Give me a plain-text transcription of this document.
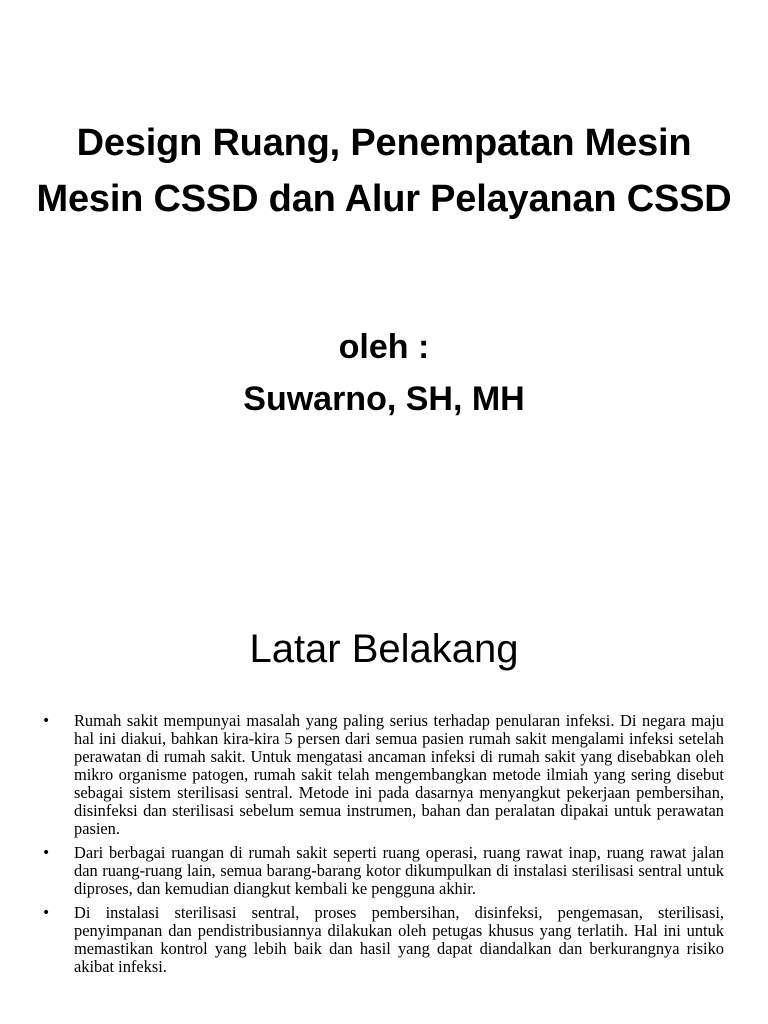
Design Ruang, Penempatan Mesin
Mesin CSSD dan Alur Pelayanan CSSD
oleh :
Suwarno, SH, MH
Latar Belakang
• Rumah sakit mempunyai masalah yang paling serius terhadap penularan infeksi. Di negara maju hal ini diakui, bahkan kira-kira 5 persen dari semua pasien rumah sakit mengalami infeksi setelah perawatan di rumah sakit. Untuk mengatasi ancaman infeksi di rumah sakit yang disebabkan oleh mikro organisme patogen, rumah sakit telah mengembangkan metode ilmiah yang sering disebut sebagai sistem sterilisasi sentral. Metode ini pada dasarnya menyangkut pekerjaan pembersihan, disinfeksi dan sterilisasi sebelum semua instrumen, bahan dan peralatan dipakai untuk perawatan pasien.
• Dari berbagai ruangan di rumah sakit seperti ruang operasi, ruang rawat inap, ruang rawat jalan dan ruang-ruang lain, semua barang-barang kotor dikumpulkan di instalasi sterilisasi sentral untuk diproses, dan kemudian diangkut kembali ke pengguna akhir.
• Di instalasi sterilisasi sentral, proses pembersihan, disinfeksi, pengemasan, sterilisasi, penyimpanan dan pendistribusiannya dilakukan oleh petugas khusus yang terlatih. Hal ini untuk memastikan kontrol yang lebih baik dan hasil yang dapat diandalkan dan berkurangnya risiko akibat infeksi.
